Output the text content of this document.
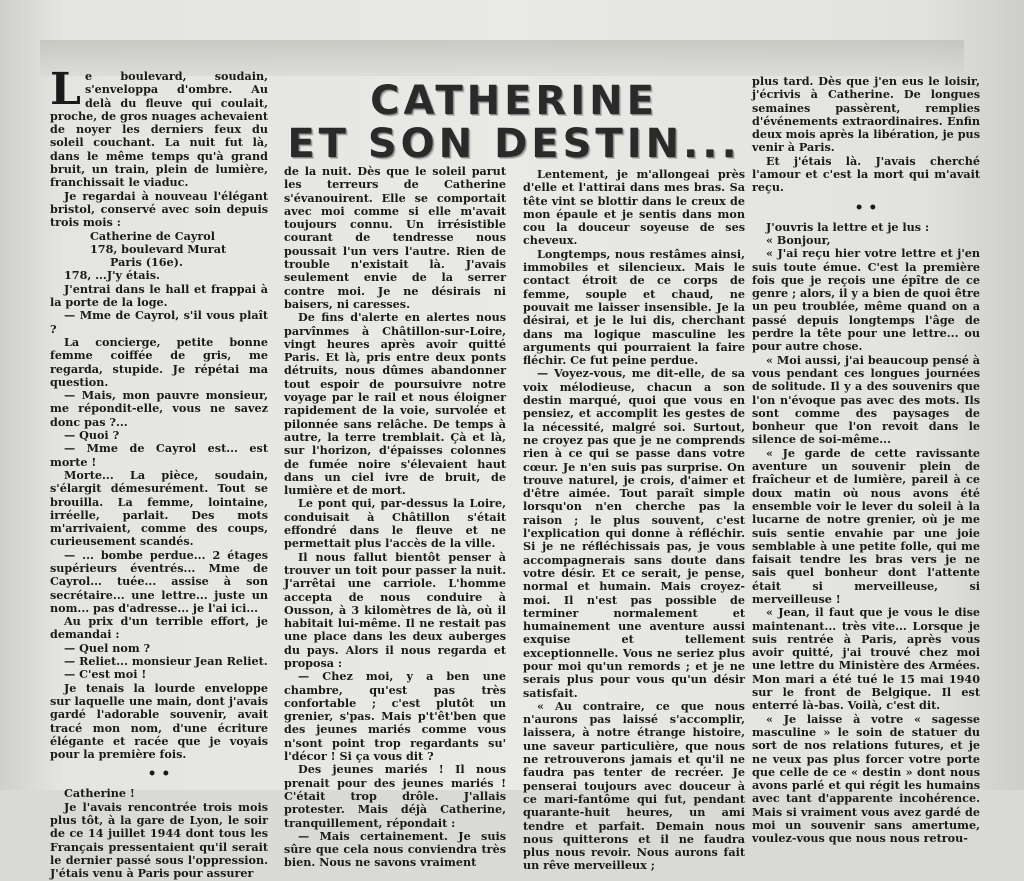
CATHERINE
ET SON DESTIN...

Le boulevard, soudain, s'enveloppa d'ombre. Au delà du fleuve qui coulait, proche, de gros nuages achevaient de noyer les derniers feux du soleil couchant. La nuit fut là, dans le même temps qu'à grand bruit, un train, plein de lumière, franchissait le viaduc.

Je regardai à nouveau l'élégant bristol, conservé avec soin depuis trois mois :

Catherine de Cayrol

178, boulevard Murat

Paris (16e).

178, ...J'y étais.

J'entrai dans le hall et frappai à la porte de la loge.

— Mme de Cayrol, s'il vous plaît ?

La concierge, petite bonne femme coiffée de gris, me regarda, stupide. Je répétai ma question.

— Mais, mon pauvre monsieur, me répondit-elle, vous ne savez donc pas ?...

— Quoi ?

— Mme de Cayrol est... est morte !

Morte... La pièce, soudain, s'élargit démesurément. Tout se brouilla. La femme, lointaine, irréelle, parlait. Des mots m'arrivaient, comme des coups, curieusement scandés.

— ... bombe perdue... 2 étages supérieurs éventrés... Mme de Cayrol... tuée... assise à son secrétaire... une lettre... juste un nom... pas d'adresse... je l'ai ici...

Au prix d'un terrible effort, je demandai :

— Quel nom ?

— Reliet... monsieur Jean Reliet.

— C'est moi !

Je tenais la lourde enveloppe sur laquelle une main, dont j'avais gardé l'adorable souvenir, avait tracé mon nom, d'une écriture élégante et racée que je voyais pour la première fois.

• •

Catherine !

Je l'avais rencontrée trois mois plus tôt, à la gare de Lyon, le soir de ce 14 juillet 1944 dont tous les Français pressentaient qu'il serait le dernier passé sous l'oppression. J'étais venu à Paris pour assurer

de la nuit. Dès que le soleil parut les terreurs de Catherine s'évanouirent. Elle se comportait avec moi comme si elle m'avait toujours connu. Un irrésistible courant de tendresse nous poussait l'un vers l'autre. Rien de trouble n'existait là. J'avais seulement envie de la serrer contre moi. Je ne désirais ni baisers, ni caresses.

De fins d'alerte en alertes nous parvînmes à Châtillon-sur-Loire, vingt heures après avoir quitté Paris. Et là, pris entre deux ponts détruits, nous dûmes abandonner tout espoir de poursuivre notre voyage par le rail et nous éloigner rapidement de la voie, survolée et pilonnée sans relâche. De temps à autre, la terre tremblait. Çà et là, sur l'horizon, d'épaisses colonnes de fumée noire s'élevaient haut dans un ciel ivre de bruit, de lumière et de mort.

Le pont qui, par-dessus la Loire, conduisait à Châtillon s'était effondré dans le fleuve et ne permettait plus l'accès de la ville.

Il nous fallut bientôt penser à trouver un toit pour passer la nuit. J'arrêtai une carriole. L'homme accepta de nous conduire à Ousson, à 3 kilomètres de là, où il habitait lui-même. Il ne restait pas une place dans les deux auberges du pays. Alors il nous regarda et proposa :

— Chez moi, y a ben une chambre, qu'est pas très confortable ; c'est plutôt un grenier, s'pas. Mais p't'êt'ben que des jeunes mariés comme vous n'sont point trop regardants su' l'décor ! Si ça vous dit ?

Des jeunes mariés ! Il nous prenait pour des jeunes mariés ! C'était trop drôle. J'allais protester. Mais déjà Catherine, tranquillement, répondait :

— Mais certainement. Je suis sûre que cela nous conviendra très bien. Nous ne savons vraiment

Lentement, je m'allongeai près d'elle et l'attirai dans mes bras. Sa tête vint se blottir dans le creux de mon épaule et je sentis dans mon cou la douceur soyeuse de ses cheveux.

Longtemps, nous restâmes ainsi, immobiles et silencieux. Mais le contact étroit de ce corps de femme, souple et chaud, ne pouvait me laisser insensible. Je la désirai, et je le lui dis, cherchant dans ma logique masculine les arguments qui pourraient la faire fléchir. Ce fut peine perdue.

— Voyez-vous, me dit-elle, de sa voix mélodieuse, chacun a son destin marqué, quoi que vous en pensiez, et accomplit les gestes de la nécessité, malgré soi. Surtout, ne croyez pas que je ne comprends rien à ce qui se passe dans votre cœur. Je n'en suis pas surprise. On trouve naturel, je crois, d'aimer et d'être aimée. Tout paraît simple lorsqu'on n'en cherche pas la raison ; le plus souvent, c'est l'explication qui donne à réfléchir. Si je ne réfléchissais pas, je vous accompagnerais sans doute dans votre désir. Et ce serait, je pense, normal et humain. Mais croyez-moi. Il n'est pas possible de terminer normalement et humainement une aventure aussi exquise et tellement exceptionnelle. Vous ne seriez plus pour moi qu'un remords ; et je ne serais plus pour vous qu'un désir satisfait.

« Au contraire, ce que nous n'aurons pas laissé s'accomplir, laissera, à notre étrange histoire, une saveur particulière, que nous ne retrouverons jamais et qu'il ne faudra pas tenter de recréer. Je penserai toujours avec douceur à ce mari-fantôme qui fut, pendant quarante-huit heures, un ami tendre et parfait. Demain nous nous quitterons et il ne faudra plus nous revoir. Nous aurons fait un rêve merveilleux ;

plus tard. Dès que j'en eus le loisir, j'écrivis à Catherine. De longues semaines passèrent, remplies d'événements extraordinaires. Enfin deux mois après la libération, je pus venir à Paris.

Et j'étais là. J'avais cherché l'amour et c'est la mort qui m'avait reçu.

• •

J'ouvris la lettre et je lus :

« Bonjour,

« J'ai reçu hier votre lettre et j'en suis toute émue. C'est la première fois que je reçois une épître de ce genre ; alors, il y a bien de quoi être un peu troublée, même quand on a passé depuis longtemps l'âge de perdre la tête pour une lettre... ou pour autre chose.

« Moi aussi, j'ai beaucoup pensé à vous pendant ces longues journées de solitude. Il y a des souvenirs que l'on n'évoque pas avec des mots. Ils sont comme des paysages de bonheur que l'on revoit dans le silence de soi-même...

« Je garde de cette ravissante aventure un souvenir plein de fraîcheur et de lumière, pareil à ce doux matin où nous avons été ensemble voir le lever du soleil à la lucarne de notre grenier, où je me suis sentie envahie par une joie semblable à une petite folle, qui me faisait tendre les bras vers je ne sais quel bonheur dont l'attente était si merveilleuse, si merveilleuse !

« Jean, il faut que je vous le dise maintenant... très vite... Lorsque je suis rentrée à Paris, après vous avoir quitté, j'ai trouvé chez moi une lettre du Ministère des Armées. Mon mari a été tué le 15 mai 1940 sur le front de Belgique. Il est enterré là-bas. Voilà, c'est dit.

« Je laisse à votre « sagesse masculine » le soin de statuer du sort de nos relations futures, et je ne veux pas plus forcer votre porte que celle de ce « destin » dont nous avons parlé et qui régit les humains avec tant d'apparente incohérence. Mais si vraiment vous avez gardé de moi un souvenir sans amertume, voulez-vous que nous nous retrou-
